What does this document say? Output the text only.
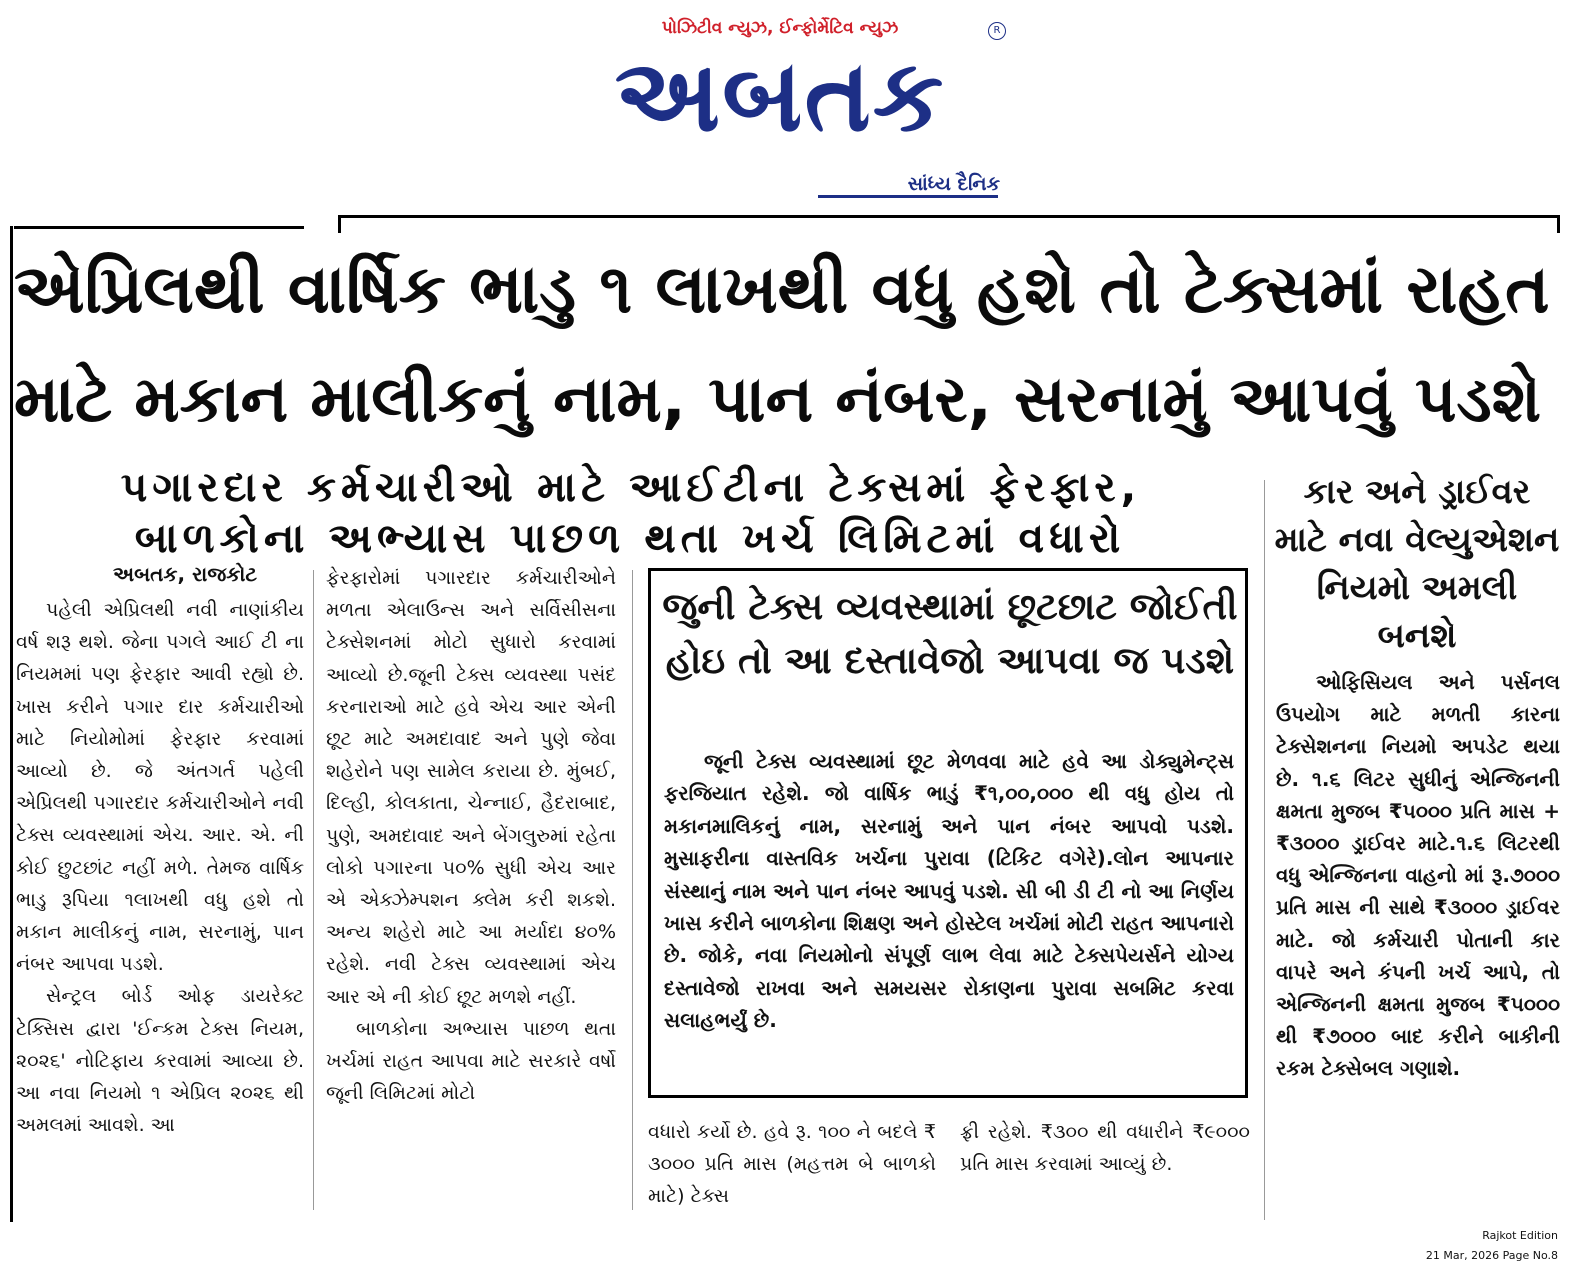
પોઝિટીવ ન્યુઝ, ઈન્ફોર્મેટિવ ન્યુઝ	R
અબતક
સાંધ્ય દૈનિક
એપ્રિલથી વાર્ષિક ભાડુ ૧ લાખથી વધુ હશે તો ટેક્સમાં રાહત
માટે મકાન માલીકનું નામ, પાન નંબર, સરનામું આપવું પડશે
પગારદાર કર્મચારીઓ માટે આઈટીના ટેક્સમાં ફેરફાર,
બાળકોના અભ્યાસ પાછળ થતા ખર્ચ લિમિટમાં વધારો
અબતક, રાજકોટ

પહેલી એપ્રિલથી નવી નાણાંકીય વર્ષ શરૂ થશે. જેના પગલે આઈ ટી ના નિયમમાં પણ ફેરફાર આવી રહ્યો છે. ખાસ કરીને પગાર દાર કર્મચારીઓ માટે નિયોમોમાં ફેરફાર કરવામાં આવ્યો છે. જે અંતગર્ત પહેલી એપ્રિલથી પગારદાર કર્મચારીઓને નવી ટેક્સ વ્યવસ્થામાં એચ. આર. એ. ની કોઈ છુટછાંટ નહીં મળે. તેમજ વાર્ષિક ભાડુ રૂપિયા ૧લાખથી વધુ હશે તો મકાન માલીકનું નામ, સરનામું, પાન નંબર આપવા પડશે.

સેન્ટ્રલ બોર્ડ ઓફ ડાયરેક્ટ ટેક્સિસ દ્વારા 'ઈન્કમ ટેક્સ નિયમ, ૨૦૨૬' નોટિફાય કરવામાં આવ્યા છે. આ નવા નિયમો ૧ એપ્રિલ ૨૦૨૬ થી અમલમાં આવશે. આ

ફેરફારોમાં પગારદાર કર્મચારીઓને મળતા એલાઉન્સ અને સર્વિસીસના ટેક્સેશનમાં મોટો સુધારો કરવામાં આવ્યો છે.જૂની ટેક્સ વ્યવસ્થા પસંદ કરનારાઓ માટે હવે એચ આર એની છૂટ માટે અમદાવાદ અને પુણે જેવા શહેરોને પણ સામેલ કરાયા છે. મુંબઈ, દિલ્હી, કોલકાતા, ચેન્નાઈ, હૈદરાબાદ, પુણે, અમદાવાદ અને બેંગલુરુમાં રહેતા લોકો પગારના ૫૦% સુધી એચ આર એ એક્ઝેમ્પશન ક્લેમ કરી શકશે. અન્ય શહેરો માટે આ મર્યાદા ૪૦% રહેશે. નવી ટેક્સ વ્યવસ્થામાં એચ આર એ ની કોઈ છૂટ મળશે નહીં.

બાળકોના અભ્યાસ પાછળ થતા ખર્ચમાં રાહત આપવા માટે સરકારે વર્ષો જૂની લિમિટમાં મોટો

જુની ટેક્સ વ્યવસ્થામાં છૂટછાટ જોઈતી હોઇ તો આ દસ્તાવેજો આપવા જ પડશે

જૂની ટેક્સ વ્યવસ્થામાં છૂટ મેળવવા માટે હવે આ ડોક્યુમેન્ટ્સ ફરજિયાત રહેશે. જો વાર્ષિક ભાડું ₹૧,૦૦,૦૦૦ થી વધુ હોય તો મકાનમાલિકનું નામ, સરનામું અને પાન નંબર આપવો પડશે. મુસાફરીના વાસ્તવિક ખર્ચના પુરાવા (ટિકિટ વગેરે).લોન આપનાર સંસ્થાનું નામ અને પાન નંબર આપવું પડશે. સી બી ડી ટી નો આ નિર્ણય ખાસ કરીને બાળકોના શિક્ષણ અને હોસ્ટેલ ખર્ચમાં મોટી રાહત આપનારો છે. જોકે, નવા નિયમોનો સંપૂર્ણ લાભ લેવા માટે ટેક્સપેયર્સને યોગ્ય દસ્તાવેજો રાખવા અને સમયસર રોકાણના પુરાવા સબમિટ કરવા સલાહભર્યું છે.

વધારો કર્યો છે. હવે રૂ. ૧૦૦ ને બદલે ₹ ૩૦૦૦ પ્રતિ માસ (મહત્તમ બે બાળકો માટે) ટેક્સ
ફ્રી રહેશે. ₹૩૦૦ થી વધારીને ₹૯૦૦૦ પ્રતિ માસ કરવામાં આવ્યું છે.
કાર અને ડ્રાઈવર માટે નવા વેલ્યુએશન નિયમો અમલી બનશે

ઓફિસિયલ અને પર્સનલ ઉપયોગ માટે મળતી કારના ટેક્સેશનના નિયમો અપડેટ થયા છે. ૧.૬ લિટર સુધીનું એન્જિનની ક્ષમતા મુજબ ₹૫૦૦૦ પ્રતિ માસ + ₹૩૦૦૦ ડ્રાઈવર માટે.૧.૬ લિટરથી વધુ એન્જિનના વાહનો માં રૂ.૭૦૦૦ પ્રતિ માસ ની સાથે ₹૩૦૦૦ ડ્રાઈવર માટે. જો કર્મચારી પોતાની કાર વાપરે અને કંપની ખર્ચ આપે, તો એન્જિનની ક્ષમતા મુજબ ₹૫૦૦૦ થી ₹૭૦૦૦ બાદ કરીને બાકીની રકમ ટેક્સેબલ ગણાશે.

Rajkot Edition
21 Mar, 2026 Page No.8
